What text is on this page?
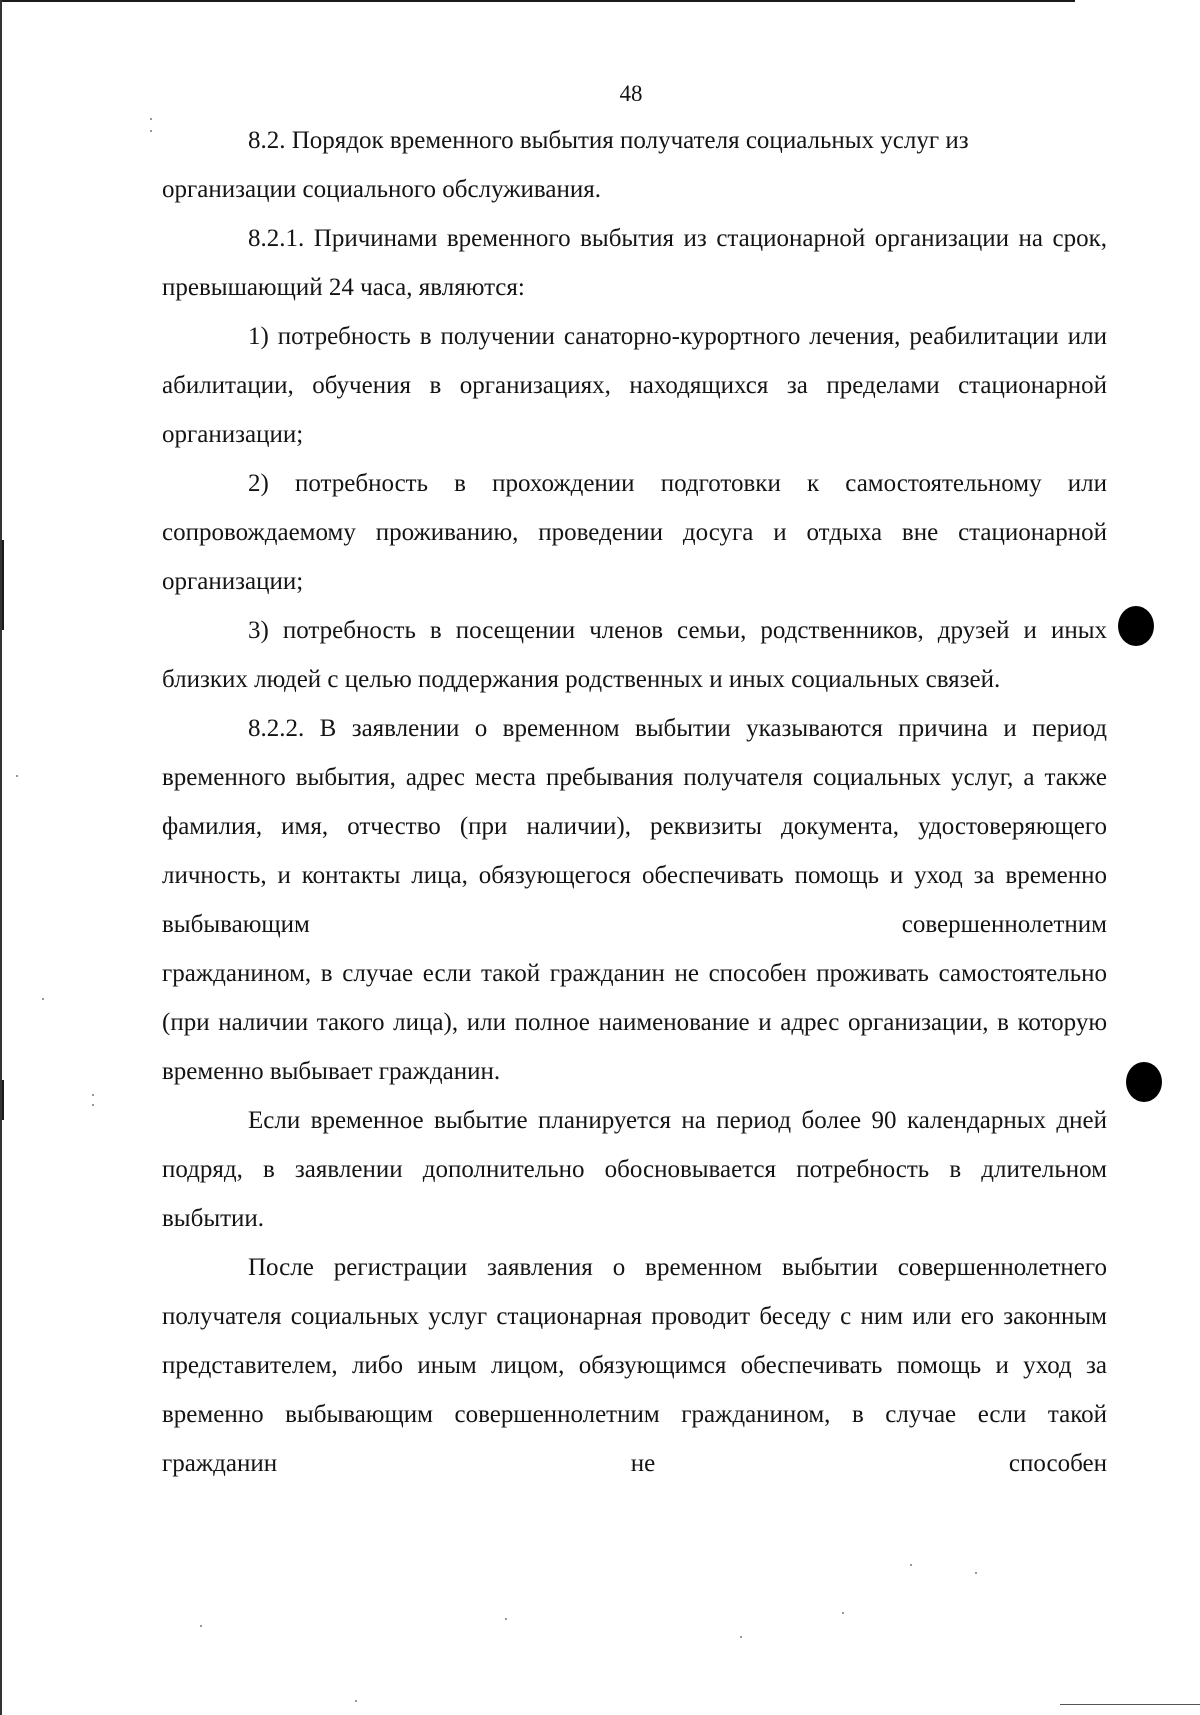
48

8.2. Порядок временного выбытия получателя социальных услуг из организации социального обслуживания.

8.2.1. Причинами временного выбытия из стационарной организации на срок, превышающий 24 часа, являются:

1) потребность в получении санаторно-курортного лечения, реабилитации или абилитации, обучения в организациях, находящихся за пределами стационарной организации;

2) потребность в прохождении подготовки к самостоятельному или сопровождаемому проживанию, проведении досуга и отдыха вне стационарной организации;

3) потребность в посещении членов семьи, родственников, друзей и иных близких людей с целью поддержания родственных и иных социальных связей.

8.2.2. В заявлении о временном выбытии указываются причина и период временного выбытия, адрес места пребывания получателя социальных услуг, а также фамилия, имя, отчество (при наличии), реквизиты документа, удостоверяющего личность, и контакты лица, обязующегося обеспечивать помощь и уход за временно выбывающим совершеннолетним

гражданином, в случае если такой гражданин не способен проживать самостоятельно (при наличии такого лица), или полное наименование и адрес организации, в которую временно выбывает гражданин.

Если временное выбытие планируется на период более 90 календарных дней подряд, в заявлении дополнительно обосновывается потребность в длительном выбытии.

После регистрации заявления о временном выбытии совершеннолетнего получателя социальных услуг стационарная проводит беседу с ним или его законным представителем, либо иным лицом, обязующимся обеспечивать помощь и уход за временно выбывающим совершеннолетним гражданином, в случае если такой гражданин не способен
